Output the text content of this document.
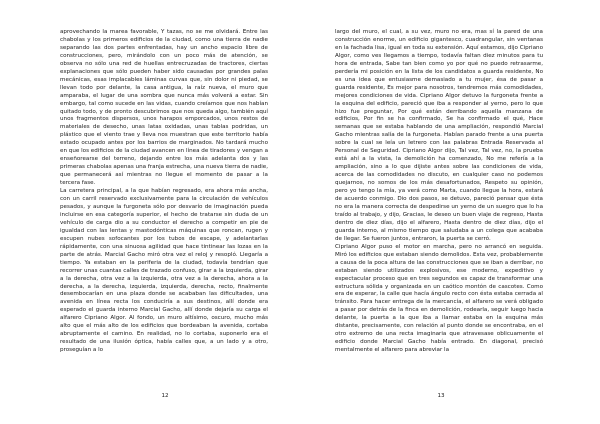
aprovechando la marea favorable, Y tazas, no se me olvidará. Entre las chabolas y los primeros edificios de la ciudad, como una tierra de nadie separando las dos partes enfrentadas, hay un ancho espacio libre de construcciones, pero, mirándolo con un poco más de atención, se observa no sólo una red de huellas entrecruzadas de tractores, ciertas explanaciones que sólo pueden haber sido causadas por grandes palas mecánicas, esas implacables láminas curvas que, sin dolor ni piedad, se llevan todo por delante, la casa antigua, la raíz nueva, el muro que amparaba, el lugar de una sombra que nunca más volverá a estar. Sin embargo, tal como sucede en las vidas, cuando creíamos que nos habían quitado todo, y de pronto descubrimos que nos queda algo, también aquí unos fragmentos dispersos, unos harapos emporcados, unos restos de materiales de desecho, unas latas oxidadas, unas tablas podridas, un plástico que el viento trae y lleva nos muestran que este territorio había estado ocupado antes por los barrios de marginados. No tardará mucho en que los edificios de la ciudad avancen en línea de tiradores y vengan a enseñorearse del terreno, dejando entre los más adelanta dos y las primeras chabolas apenas una franja estrecha, una nueva tierra de nadie, que permanecerá así mientras no llegue el momento de pasar a la tercera fase.

La carretera principal, a la que habían regresado, era ahora más ancha, con un carril reservado exclusivamente para la circulación de vehículos pesados, y aunque la furgoneta sólo por desvarío de imaginación pueda incluirse en esa categoría superior, el hecho de tratarse sin duda de un vehículo de carga dio a su conductor el derecho a competir en pie de igualdad con las lentas y mastodónticas máquinas que roncan, rugen y escupen nubes sofocantes por los tubos de escape, y adelantarlas rápidamente, con una sinuosa agilidad que hace tintinear las lozas en la parte de atrás. Marcial Gacho miró otra vez el reloj y resopló. Llegaría a tiempo. Ya estaban en la periferia de la ciudad, todavía tendrían que recorrer unas cuantas calles de trazado confuso, girar a la izquierda, girar a la derecha, otra vez a la izquierda, otra vez a la derecha, ahora a la derecha, a la derecha, izquierda, izquierda, derecha, recto, finalmente desembocarían en una plaza donde se acababan las dificultades, una avenida en línea recta los conduciría a sus destinos, allí donde era esperado el guarda interno Marcial Gacho, allí donde dejaría su carga el alfarero Cipriano Algor. Al fondo, un muro altísimo, oscuro, mucho más alto que el más alto de los edificios que bordeaban la avenida, cortaba abruptamente el camino. En realidad, no lo cortaba, suponerlo era el resultado de una ilusión óptica, había calles que, a un lado y a otro, proseguían a lo

12

largo del muro, el cual, a su vez, muro no era, mas sí la pared de una construcción enorme, un edificio gigantesco, cuadrangular, sin ventanas en la fachada lisa, igual en toda su extensión. Aquí estamos, dijo Cipriano Algor, como ves llegamos a tiempo, todavía faltan diez minutos para tu hora de entrada, Sabe tan bien como yo por qué no puedo retrasarme, perdería mi posición en la lista de los candidatos a guarda residente, No es una idea que entusiasme demasiado a tu mujer, ésa de pasar a guarda residente, Es mejor para nosotros, tendremos más comodidades, mejores condiciones de vida. Cipriano Algor detuvo la furgoneta frente a la esquina del edificio, pareció que iba a responder al yerno, pero lo que hizo fue preguntar, Por qué están derribando aquella manzana de edificios, Por fin se ha confirmado, Se ha confirmado el qué, Hace semanas que se estaba hablando de una ampliación, respondió Marcial Gacho mientras salía de la furgoneta. Habían parado frente a una puerta sobre la cual se leía un letrero con las palabras Entrada Reservada al Personal de Seguridad. Cipriano Algor dijo, Tal vez, Tal vez, no, la prueba está ahí a la vista, la demolición ha comenzado, No me refería a la ampliación, sino a lo que dijiste antes sobre las condiciones de vida, acerca de las comodidades no discuto, en cualquier caso no podemos quejarnos, no somos de los más desafortunados, Respeto su opinión, pero yo tengo la mía, ya verá como Marta, cuando llegue la hora, estará de acuerdo conmigo. Dio dos pasos, se detuvo, pareció pensar que ésta no era la manera correcta de despedirse un yerno de un suegro que lo ha traído al trabajo, y dijo, Gracias, le deseo un buen viaje de regreso, Hasta dentro de diez días, dijo el alfarero, Hasta dentro de diez días, dijo el guarda interno, al mismo tiempo que saludaba a un colega que acababa de llegar. Se fueron juntos, entraron, la puerta se cerró.

Cipriano Algor puso el motor en marcha, pero no arrancó en seguida. Miró los edificios que estaban siendo demolidos. Esta vez, probablemente a causa de la poca altura de las construcciones que se iban a derribar, no estaban siendo utilizados explosivos, ese moderno, expeditivo y espectacular proceso que en tres segundos es capaz de transformar una estructura sólida y organizada en un caótico montón de cascotes. Como era de esperar, la calle que hacía ángulo recto con ésta estaba cerrada al tránsito. Para hacer entrega de la mercancía, el alfarero se verá obligado a pasar por detrás de la finca en demolición, rodearla, seguir luego hacia delante, la puerta a la que iba a llamar estaba en la esquina más distante, precisamente, con relación al punto donde se encontraba, en el otro extremo de una recta imaginaria que atravesase oblicuamente el edificio donde Marcial Gacho había entrado. En diagonal, precisó mentalmente el alfarero para abreviar la

13
